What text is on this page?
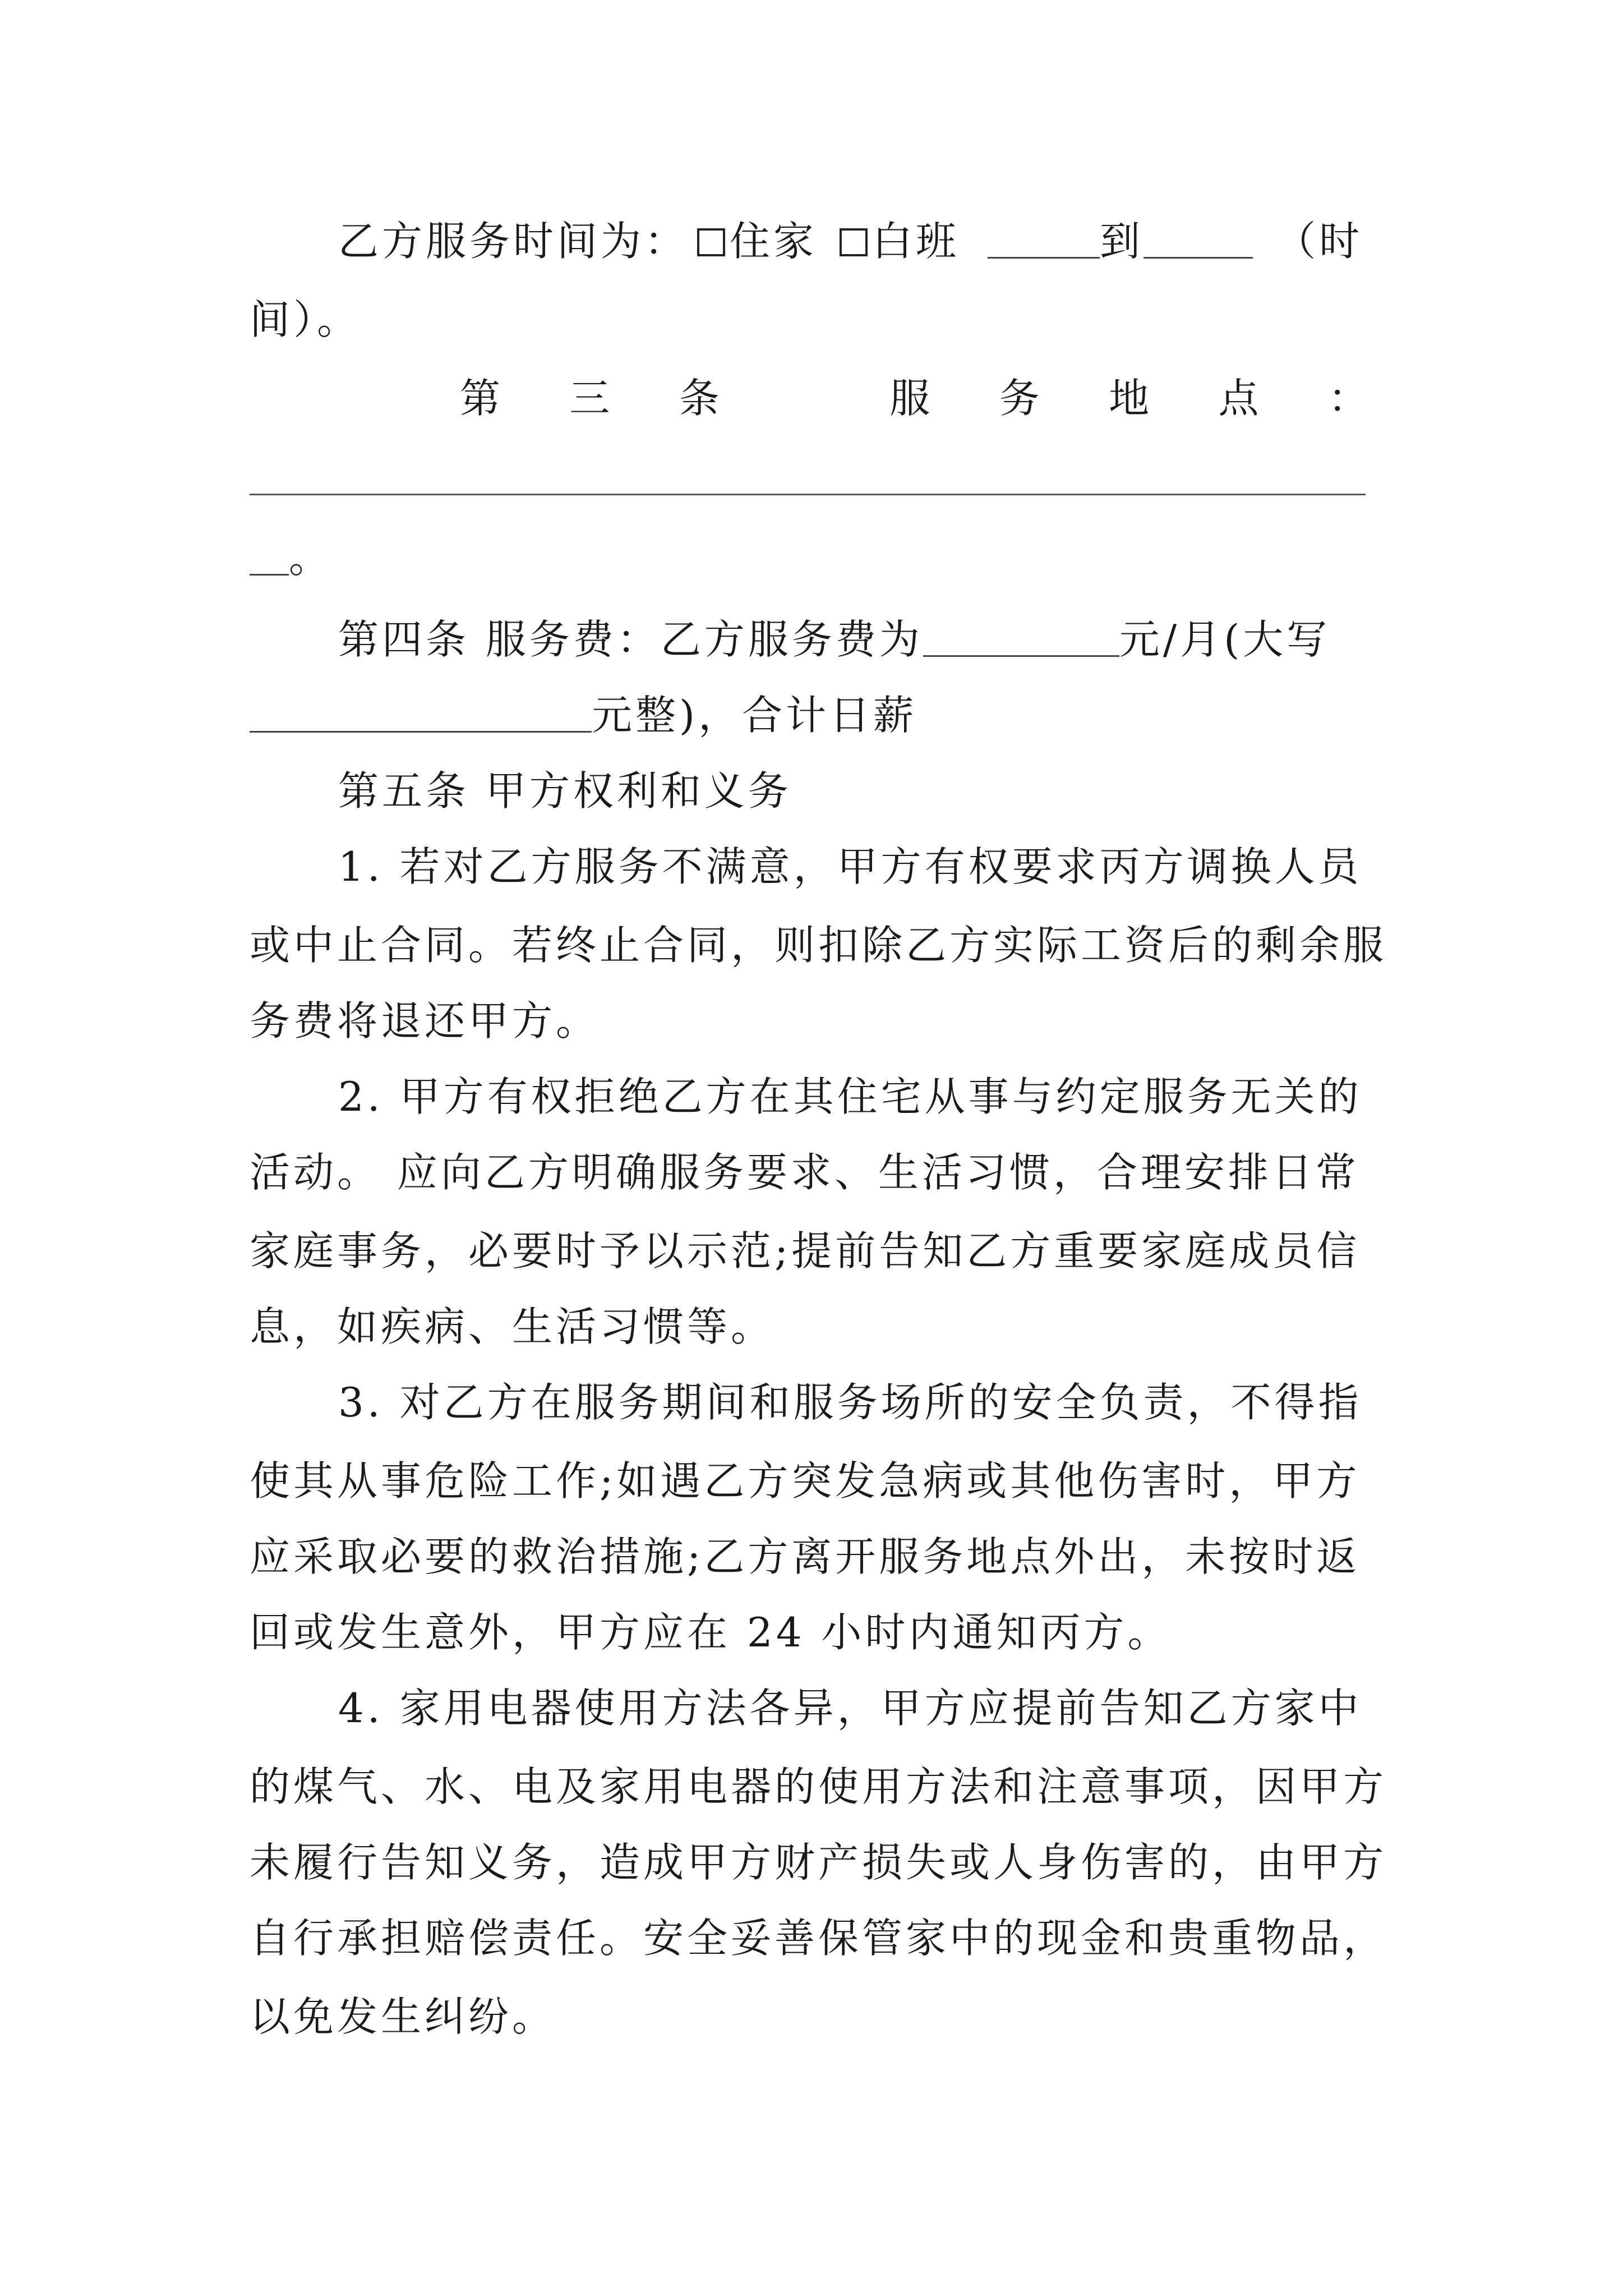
乙方服务时间为： 住家 白班	到	（时
间）。
第 三 条	服 务 地 点 ：
。
第四条 服务费：乙方服务费为	元/月(大写
元整)，合计日薪
第五条 甲方权利和义务
1. 若对乙方服务不满意，甲方有权要求丙方调换人员
或中止合同。若终止合同，则扣除乙方实际工资后的剩余服
务费将退还甲方。
2. 甲方有权拒绝乙方在其住宅从事与约定服务无关的
活动。 应向乙方明确服务要求、生活习惯，合理安排日常
家庭事务，必要时予以示范;提前告知乙方重要家庭成员信
息，如疾病、生活习惯等。
3. 对乙方在服务期间和服务场所的安全负责，不得指
使其从事危险工作;如遇乙方突发急病或其他伤害时，甲方
应采取必要的救治措施;乙方离开服务地点外出，未按时返
回或发生意外，甲方应在 24 小时内通知丙方。
4. 家用电器使用方法各异，甲方应提前告知乙方家中
的煤气、水、电及家用电器的使用方法和注意事项，因甲方
未履行告知义务，造成甲方财产损失或人身伤害的，由甲方
自行承担赔偿责任。安全妥善保管家中的现金和贵重物品，
以免发生纠纷。
